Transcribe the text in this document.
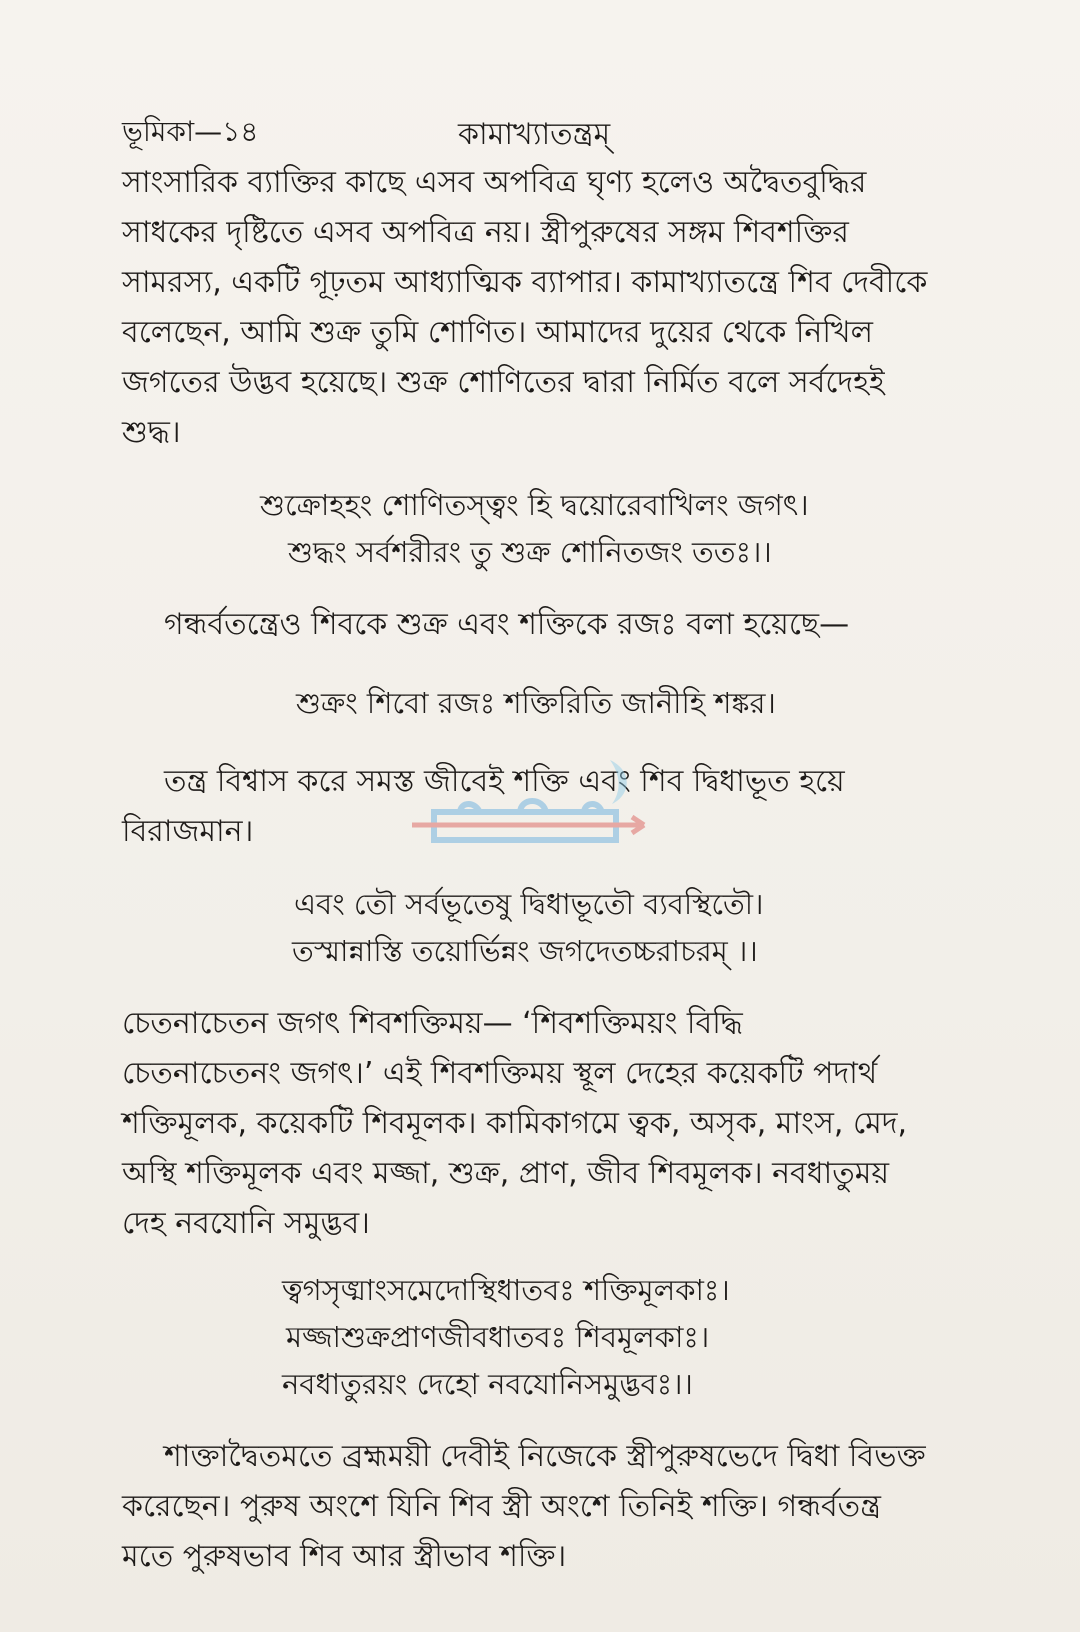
ভূমিকা—১৪	কামাখ্যাতন্ত্রম্

সাংসারিক ব্যাক্তির কাছে এসব অপবিত্র ঘৃণ্য হলেও অদ্বৈতবুদ্ধির
সাধকের দৃষ্টিতে এসব অপবিত্র নয়। স্ত্রীপুরুষের সঙ্গম শিবশক্তির
সামরস্য, একটি গূঢ়তম আধ্যাত্মিক ব্যাপার। কামাখ্যাতন্ত্রে শিব দেবীকে
বলেছেন, আমি শুক্র তুমি শোণিত। আমাদের দুয়ের থেকে নিখিল
জগতের উদ্ভব হয়েছে। শুক্র শোণিতের দ্বারা নির্মিত বলে সর্বদেহই
শুদ্ধ।

শুক্রোহহং শোণিতস্ত্বং হি দ্বয়োরেবাখিলং জগৎ।
শুদ্ধং সর্বশরীরং তু শুক্র শোনিতজং ততঃ।।

গন্ধর্বতন্ত্রেও শিবকে শুক্র এবং শক্তিকে রজঃ বলা হয়েছে—

শুক্রং শিবো রজঃ শক্তিরিতি জানীহি শঙ্কর।

তন্ত্র বিশ্বাস করে সমস্ত জীবেই শক্তি এবং শিব দ্বিধাভূত হয়ে
বিরাজমান।

এবং তৌ সর্বভূতেষু দ্বিধাভূতৌ ব্যবস্থিতৌ।
তস্মান্নাস্তি তয়োর্ভিন্নং জগদেতচ্চরাচরম্ ।।

চেতনাচেতন জগৎ শিবশক্তিময়— ‘শিবশক্তিময়ং বিদ্ধি
চেতনাচেতনং জগৎ।’ এই শিবশক্তিময় স্থূল দেহের কয়েকটি পদার্থ
শক্তিমূলক, কয়েকটি শিবমূলক। কামিকাগমে ত্বক, অসৃক, মাংস, মেদ,
অস্থি শক্তিমূলক এবং মজ্জা, শুক্র, প্রাণ, জীব শিবমূলক। নবধাতুময়
দেহ নবযোনি সমুদ্ভব।

ত্বগসৃঙ্মাংসমেদোস্থিধাতবঃ শক্তিমূলকাঃ।
মজ্জাশুক্রপ্রাণজীবধাতবঃ শিবমূলকাঃ।
নবধাতুরয়ং দেহো নবযোনিসমুদ্ভবঃ।।

শাক্তাদ্বৈতমতে ব্রহ্মময়ী দেবীই নিজেকে স্ত্রীপুরুষভেদে দ্বিধা বিভক্ত
করেছেন। পুরুষ অংশে যিনি শিব স্ত্রী অংশে তিনিই শক্তি। গন্ধর্বতন্ত্র
মতে পুরুষভাব শিব আর স্ত্রীভাব শক্তি।
